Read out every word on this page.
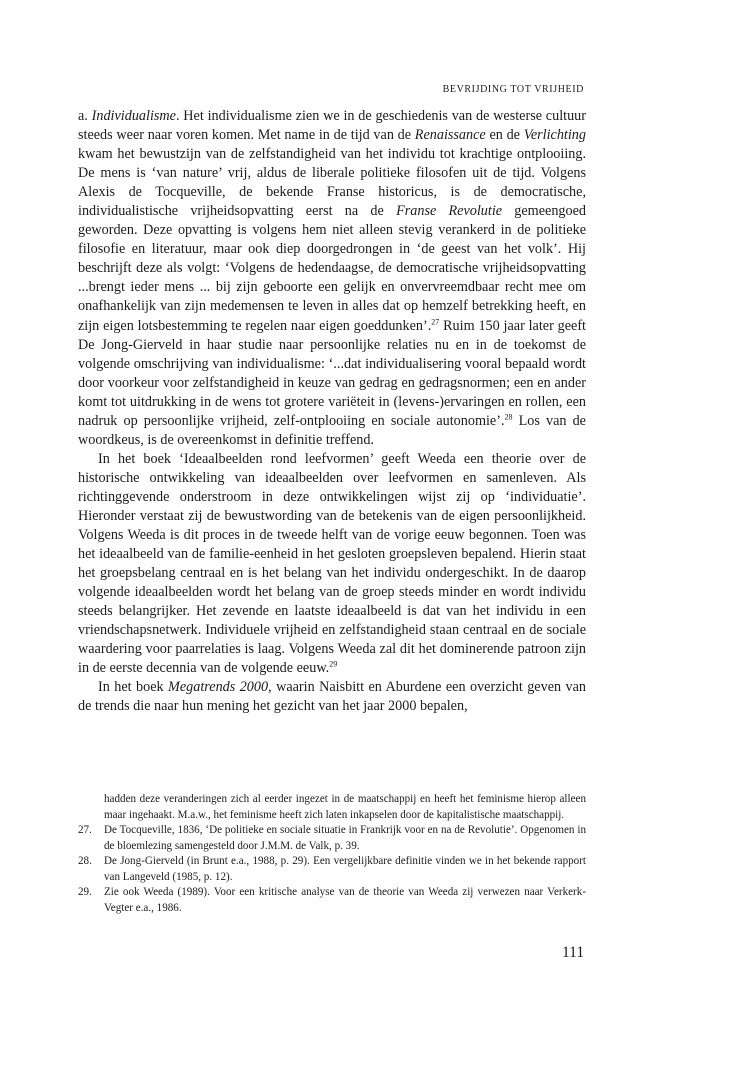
BEVRIJDING TOT VRIJHEID

a. Individualisme. Het individualisme zien we in de geschiedenis van de westerse cultuur steeds weer naar voren komen. Met name in de tijd van de Renaissance en de Verlichting kwam het bewustzijn van de zelfstandigheid van het individu tot krachtige ontplooiing. De mens is ‘van nature’ vrij, aldus de liberale politieke filosofen uit de tijd. Volgens Alexis de Tocqueville, de bekende Franse historicus, is de democratische, individualistische vrijheidsopvatting eerst na de Franse Revolutie gemeengoed geworden. Deze opvatting is volgens hem niet alleen stevig verankerd in de politieke filosofie en literatuur, maar ook diep doorgedrongen in ‘de geest van het volk’. Hij beschrijft deze als volgt: ‘Volgens de hedendaagse, de democratische vrijheidsopvatting ...brengt ieder mens ... bij zijn geboorte een gelijk en onvervreemdbaar recht mee om onafhankelijk van zijn medemensen te leven in alles dat op hemzelf betrekking heeft, en zijn eigen lotsbestemming te regelen naar eigen goeddunken’.$^{27}$ Ruim 150 jaar later geeft De Jong-Gierveld in haar studie naar persoonlijke relaties nu en in de toekomst de volgende omschrijving van individualisme: ‘...dat individualisering vooral bepaald wordt door voorkeur voor zelfstandigheid in keuze van gedrag en gedragsnormen; een en ander komt tot uitdrukking in de wens tot grotere variëteit in (levens-)ervaringen en rollen, een nadruk op persoonlijke vrijheid, zelf-ontplooiing en sociale autonomie’.$^{28}$ Los van de woordkeus, is de overeenkomst in definitie treffend.

In het boek ‘Ideaalbeelden rond leefvormen’ geeft Weeda een theorie over de historische ontwikkeling van ideaalbeelden over leefvormen en samenleven. Als richtinggevende onderstroom in deze ontwikkelingen wijst zij op ‘individuatie’. Hieronder verstaat zij de bewustwording van de betekenis van de eigen persoonlijkheid. Volgens Weeda is dit proces in de tweede helft van de vorige eeuw begonnen. Toen was het ideaalbeeld van de familie-eenheid in het gesloten groepsleven bepalend. Hierin staat het groepsbelang centraal en is het belang van het individu ondergeschikt. In de daarop volgende ideaalbeelden wordt het belang van de groep steeds minder en wordt individu steeds belangrijker. Het zevende en laatste ideaalbeeld is dat van het individu in een vriendschapsnetwerk. Individuele vrijheid en zelfstandigheid staan centraal en de sociale waardering voor paarrelaties is laag. Volgens Weeda zal dit het dominerende patroon zijn in de eerste decennia van de volgende eeuw.$^{29}$

In het boek Megatrends 2000, waarin Naisbitt en Aburdene een overzicht geven van de trends die naar hun mening het gezicht van het jaar 2000 bepalen,

hadden deze veranderingen zich al eerder ingezet in de maatschappij en heeft het feminisme hierop alleen maar ingehaakt. M.a.w., het feminisme heeft zich laten inkapselen door de kapitalistische maatschappij.

27.	De Tocqueville, 1836, ‘De politieke en sociale situatie in Frankrijk voor en na de Revolutie’. Opgenomen in de bloemlezing samengesteld door J.M.M. de Valk, p. 39.
28.	De Jong-Gierveld (in Brunt e.a., 1988, p. 29). Een vergelijkbare definitie vinden we in het bekende rapport van Langeveld (1985, p. 12).
29.	Zie ook Weeda (1989). Voor een kritische analyse van de theorie van Weeda zij verwezen naar Verkerk-Vegter e.a., 1986.
111
